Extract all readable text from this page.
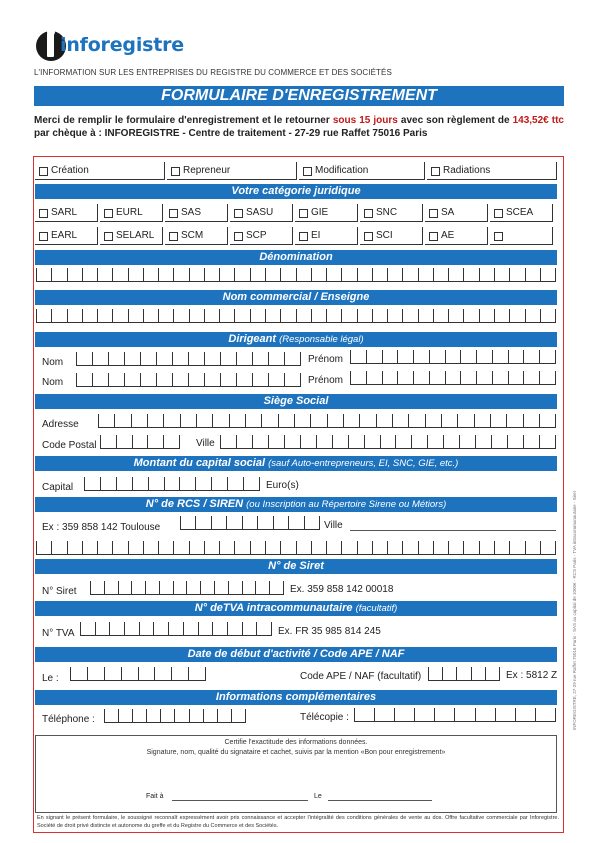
inforegistre
L'INFORMATION SUR LES ENTREPRISES DU REGISTRE DU COMMERCE ET DES SOCIÉTÉS
FORMULAIRE D'ENREGISTREMENT
Merci de remplir le formulaire d'enregistrement et le retourner sous 15 jours avec son règlement de 143,52€ ttc par chèque à : INFOREGISTRE - Centre de traitement - 27-29 rue Raffet 75016 Paris
Création	Repreneur	Modification	Radiations
Votre catégorie juridique
SARL	EURL	SAS	SASU	GIE	SNC	SA	SCEA
EARL	SELARL	SCM	SCP	EI	SCI	AE
Dénomination
Nom commercial / Enseigne
Dirigeant (Responsable légal)
Nom	Prénom
Nom	Prénom
Siège Social
Adresse
Code Postal	Ville
Montant du capital social (sauf Auto-entrepreneurs, EI, SNC, GIE, etc.)
Capital	Euro(s)
N° de RCS / SIREN (ou Inscription au Répertoire Sirene ou Métiors)
Ex : 359 858 142 Toulouse	Ville
N° de Siret
N° Siret	Ex. 359 858 142 00018
N° deTVA intracommunautaire (facultatif)
N° TVA	Ex. FR 35 985 814 245
Date de début d'activité / Code APE / NAF
Le :	Code APE / NAF (facultatif)	Ex : 5812 Z
Informations complémentaires
Téléphone :	Télécopie :
Certifie l'exactitude des informations données.
Signature, nom, qualité du signataire et cachet, suivis par la mention «Bon pour enregistrement»
Fait à	Le
En signant le présent formulaire, le soussigné reconnaît expressément avoir pris connaissance et accepter l'intégralité des conditions générales de vente au dos. Offre facultative commerciale par Inforegistre. Société de droit privé distincte et autonome du greffe et du Registre du Commerce et des Sociétés.
INFOREGISTRE, 27-29 rue Raffet 75016 Paris - SAS au capital de 1000€ - RCS Paris - TVA intracommunautaire - Siret
